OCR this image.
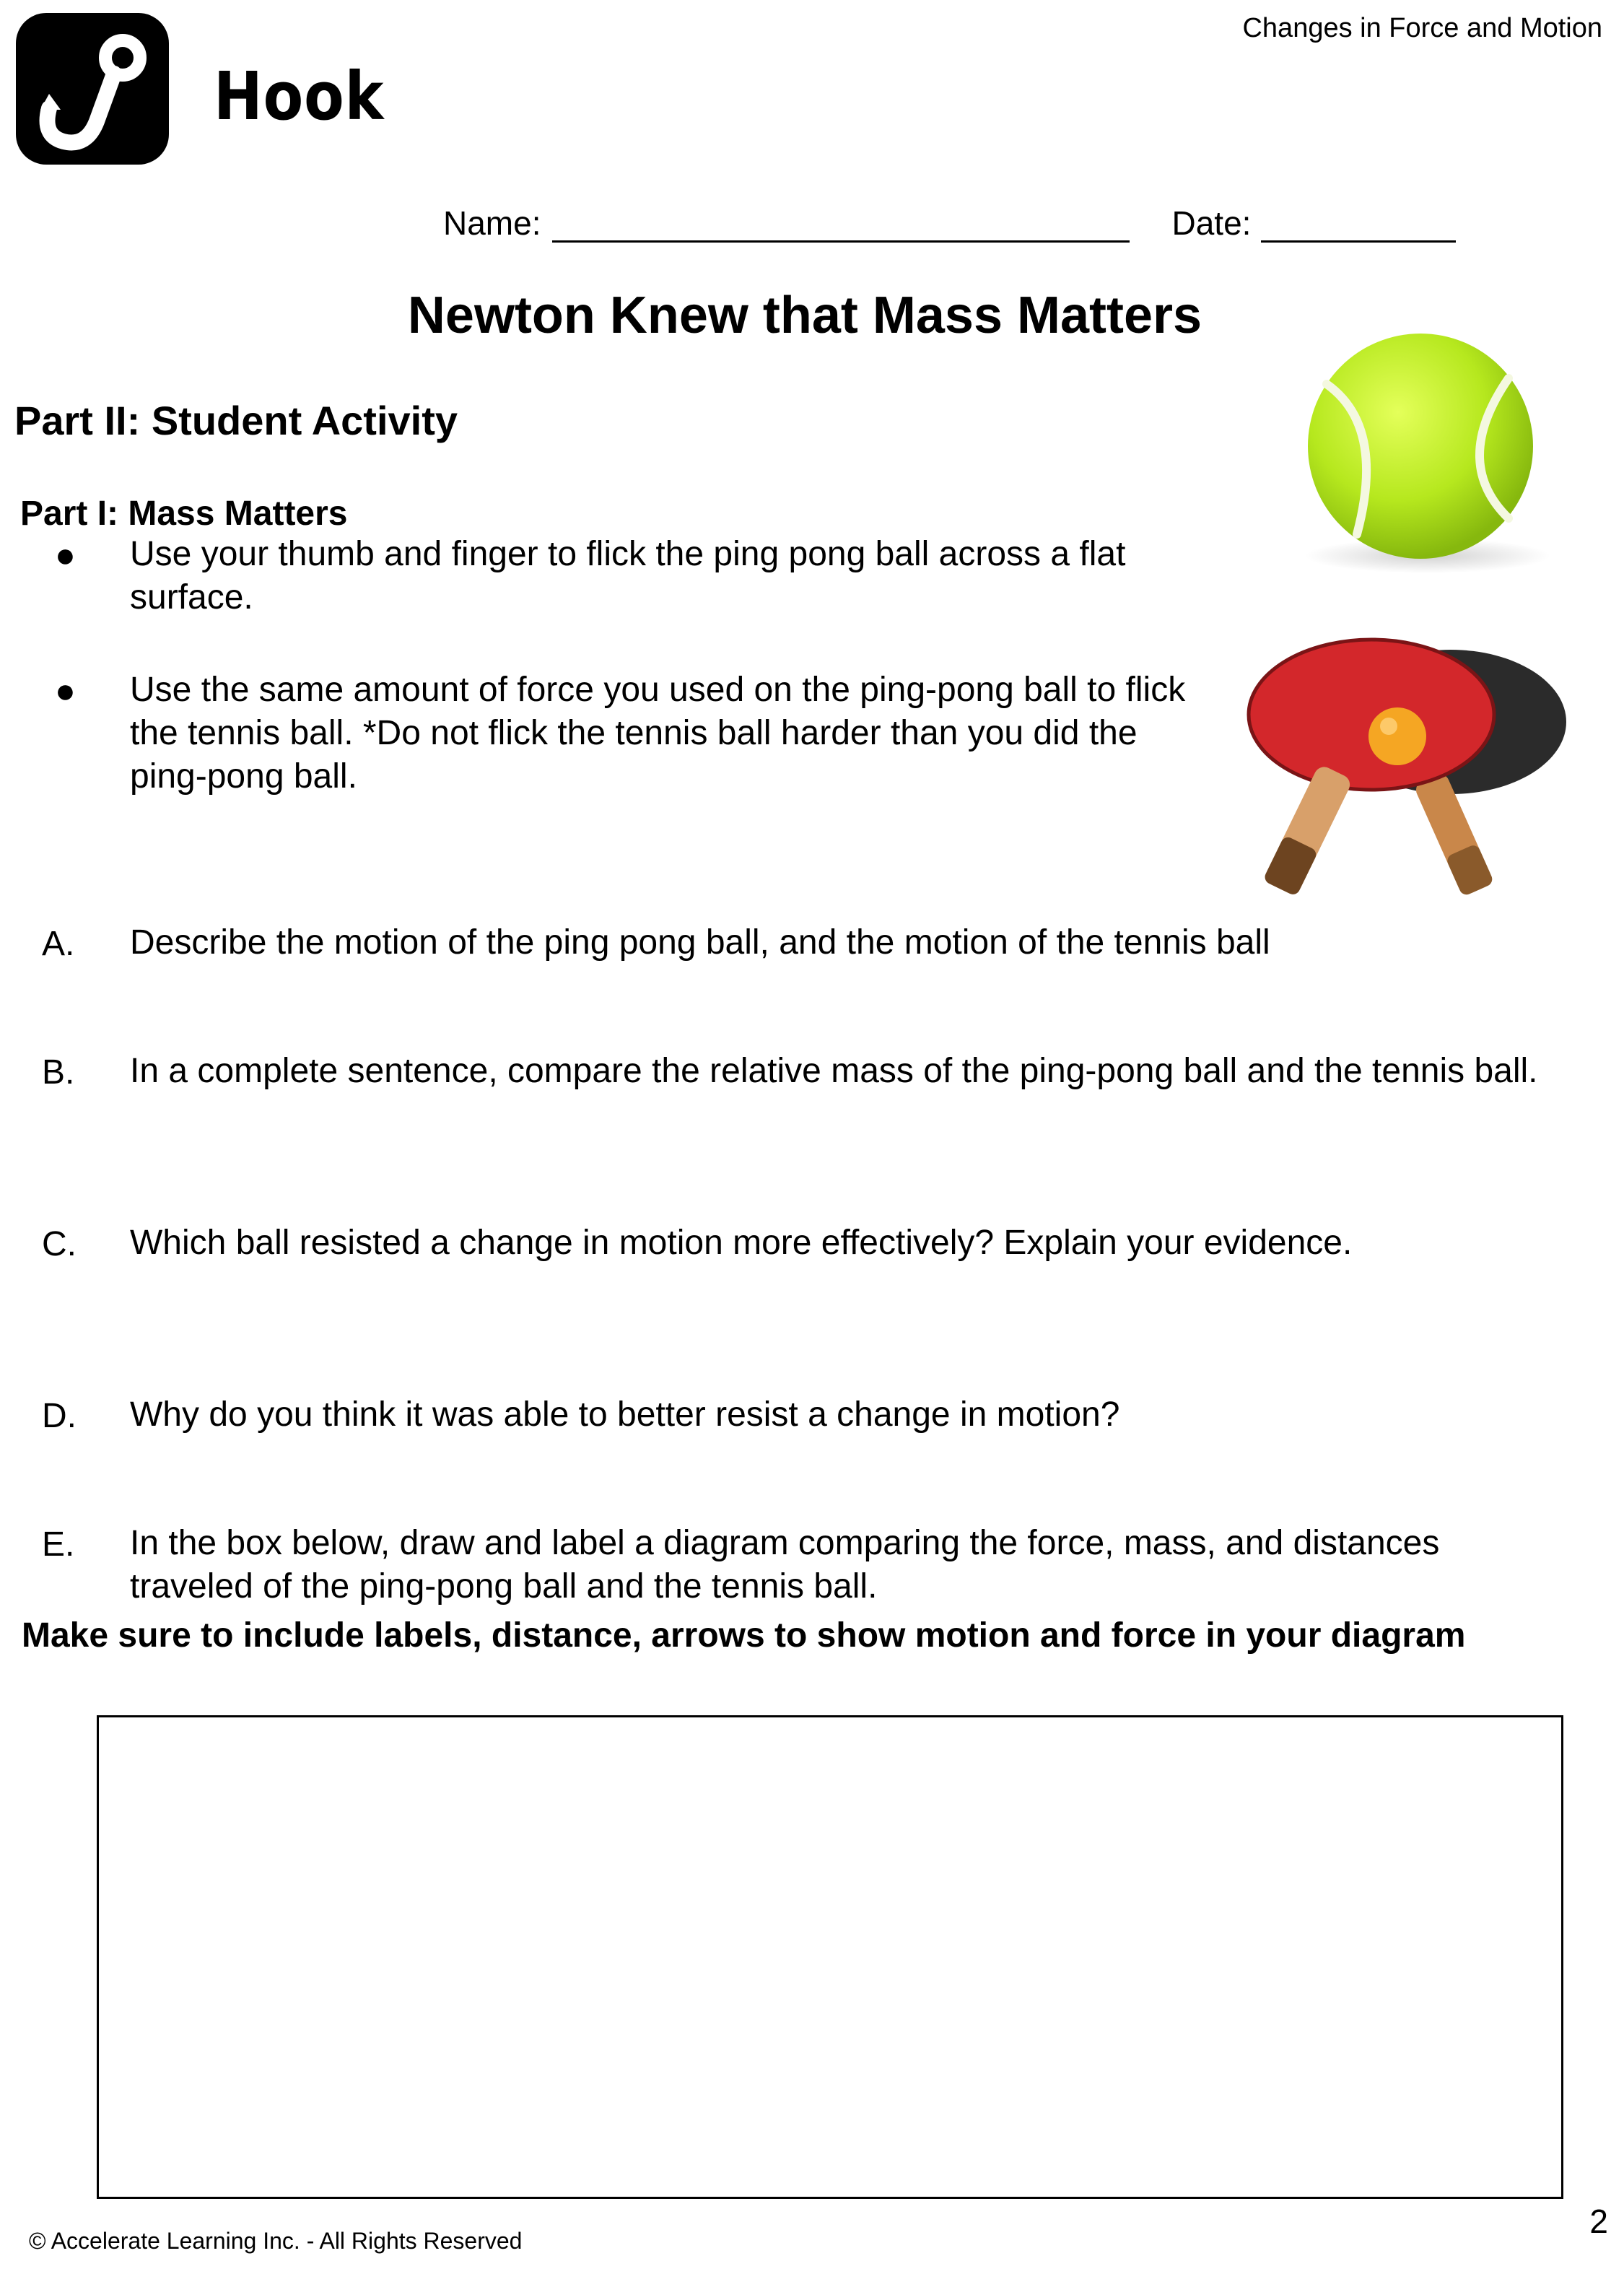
Changes in Force and Motion
Hook
Name:	Date:
Newton Knew that Mass Matters
Part II: Student Activity
Part I: Mass Matters
● Use your thumb and finger to flick the ping pong ball across a flat surface.
● Use the same amount of force you used on the ping-pong ball to flick the tennis ball. *Do not flick the tennis ball harder than you did the ping-pong ball.
A. Describe the motion of the ping pong ball, and the motion of the tennis ball
B. In a complete sentence, compare the relative mass of the ping-pong ball and the tennis ball.
C. Which ball resisted a change in motion more effectively? Explain your evidence.
D. Why do you think it was able to better resist a change in motion?
E. In the box below, draw and label a diagram comparing the force, mass, and distances traveled of the ping-pong ball and the tennis ball.
Make sure to include labels, distance, arrows to show motion and force in your diagram
© Accelerate Learning Inc. - All Rights Reserved
2
